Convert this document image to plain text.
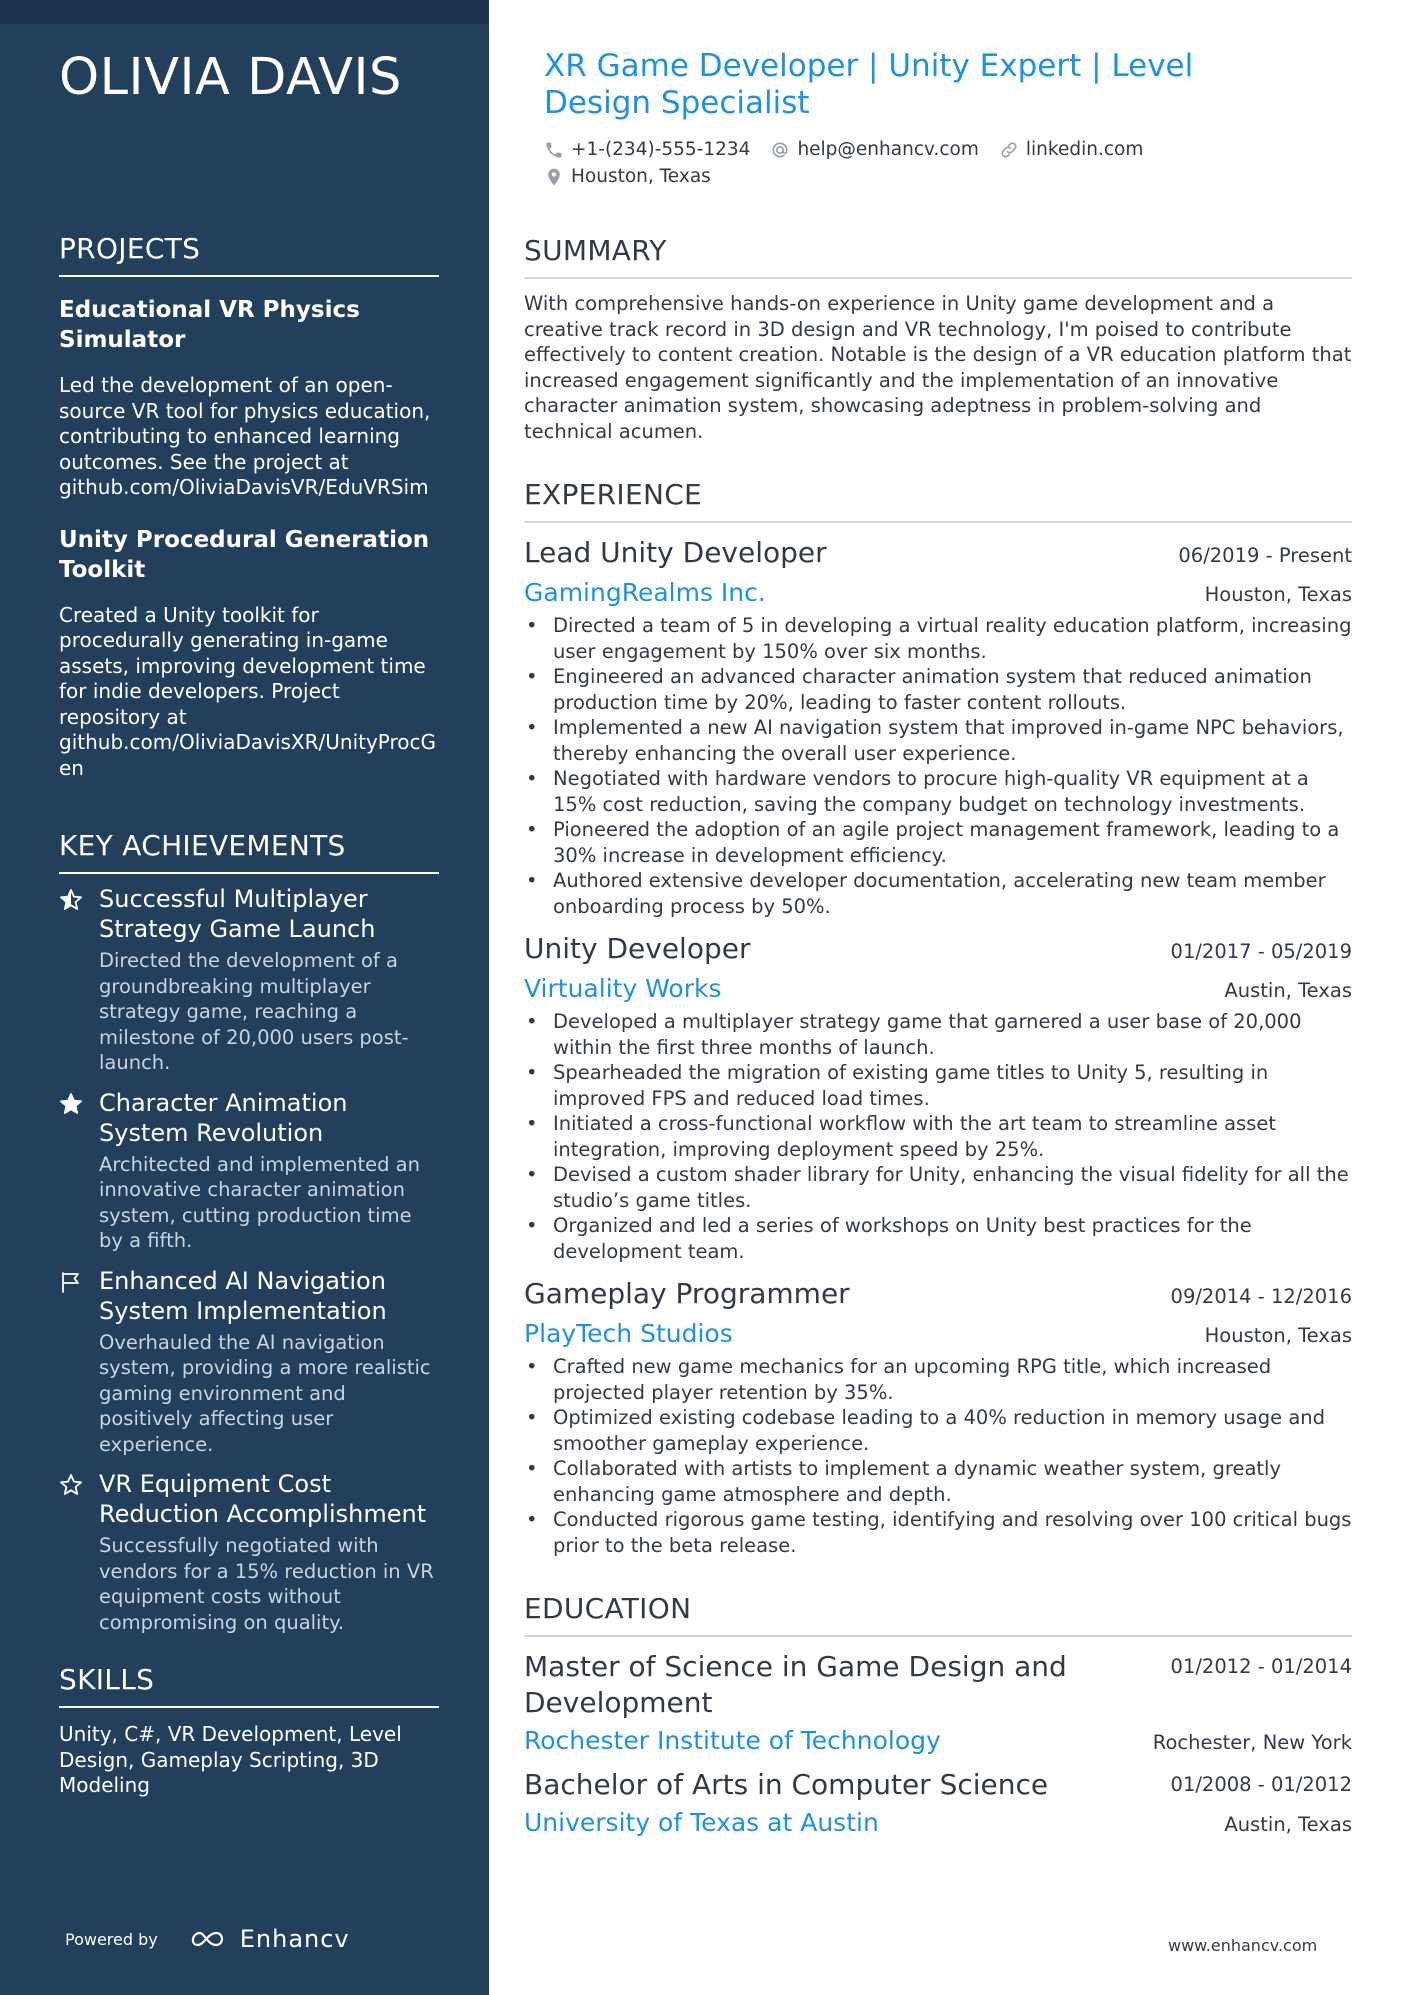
OLIVIA DAVIS
PROJECTS
Educational VR Physics Simulator
Led the development of an open-source VR tool for physics education, contributing to enhanced learning outcomes. See the project at github.com/OliviaDavisVR/EduVRSim
Unity Procedural Generation Toolkit
Created a Unity toolkit for procedurally generating in-game assets, improving development time for indie developers. Project repository at github.com/OliviaDavisXR/UnityProcGen
KEY ACHIEVEMENTS
Successful Multiplayer Strategy Game Launch
Directed the development of a groundbreaking multiplayer strategy game, reaching a milestone of 20,000 users post-launch.
Character Animation System Revolution
Architected and implemented an innovative character animation system, cutting production time by a fifth.
Enhanced AI Navigation System Implementation
Overhauled the AI navigation system, providing a more realistic gaming environment and positively affecting user experience.
VR Equipment Cost Reduction Accomplishment
Successfully negotiated with vendors for a 15% reduction in VR equipment costs without compromising on quality.
SKILLS
Unity, C#, VR Development, Level Design, Gameplay Scripting, 3D Modeling
Powered by	Enhancv
XR Game Developer | Unity Expert | Level Design Specialist
+1-(234)-555-1234	help@enhancv.com	linkedin.com
Houston, Texas
SUMMARY
With comprehensive hands-on experience in Unity game development and a creative track record in 3D design and VR technology, I'm poised to contribute effectively to content creation. Notable is the design of a VR education platform that increased engagement significantly and the implementation of an innovative character animation system, showcasing adeptness in problem-solving and technical acumen.
EXPERIENCE
Lead Unity Developer	06/2019 - Present
GamingRealms Inc.	Houston, Texas
• Directed a team of 5 in developing a virtual reality education platform, increasing user engagement by 150% over six months.
• Engineered an advanced character animation system that reduced animation production time by 20%, leading to faster content rollouts.
• Implemented a new AI navigation system that improved in-game NPC behaviors, thereby enhancing the overall user experience.
• Negotiated with hardware vendors to procure high-quality VR equipment at a 15% cost reduction, saving the company budget on technology investments.
• Pioneered the adoption of an agile project management framework, leading to a 30% increase in development efficiency.
• Authored extensive developer documentation, accelerating new team member onboarding process by 50%.
Unity Developer	01/2017 - 05/2019
Virtuality Works	Austin, Texas
• Developed a multiplayer strategy game that garnered a user base of 20,000 within the first three months of launch.
• Spearheaded the migration of existing game titles to Unity 5, resulting in improved FPS and reduced load times.
• Initiated a cross-functional workflow with the art team to streamline asset integration, improving deployment speed by 25%.
• Devised a custom shader library for Unity, enhancing the visual fidelity for all the studio’s game titles.
• Organized and led a series of workshops on Unity best practices for the development team.
Gameplay Programmer	09/2014 - 12/2016
PlayTech Studios	Houston, Texas
• Crafted new game mechanics for an upcoming RPG title, which increased projected player retention by 35%.
• Optimized existing codebase leading to a 40% reduction in memory usage and smoother gameplay experience.
• Collaborated with artists to implement a dynamic weather system, greatly enhancing game atmosphere and depth.
• Conducted rigorous game testing, identifying and resolving over 100 critical bugs prior to the beta release.
EDUCATION
Master of Science in Game Design and Development
01/2012 - 01/2014
Rochester Institute of Technology	Rochester, New York
Bachelor of Arts in Computer Science	01/2008 - 01/2012
University of Texas at Austin	Austin, Texas
www.enhancv.com
